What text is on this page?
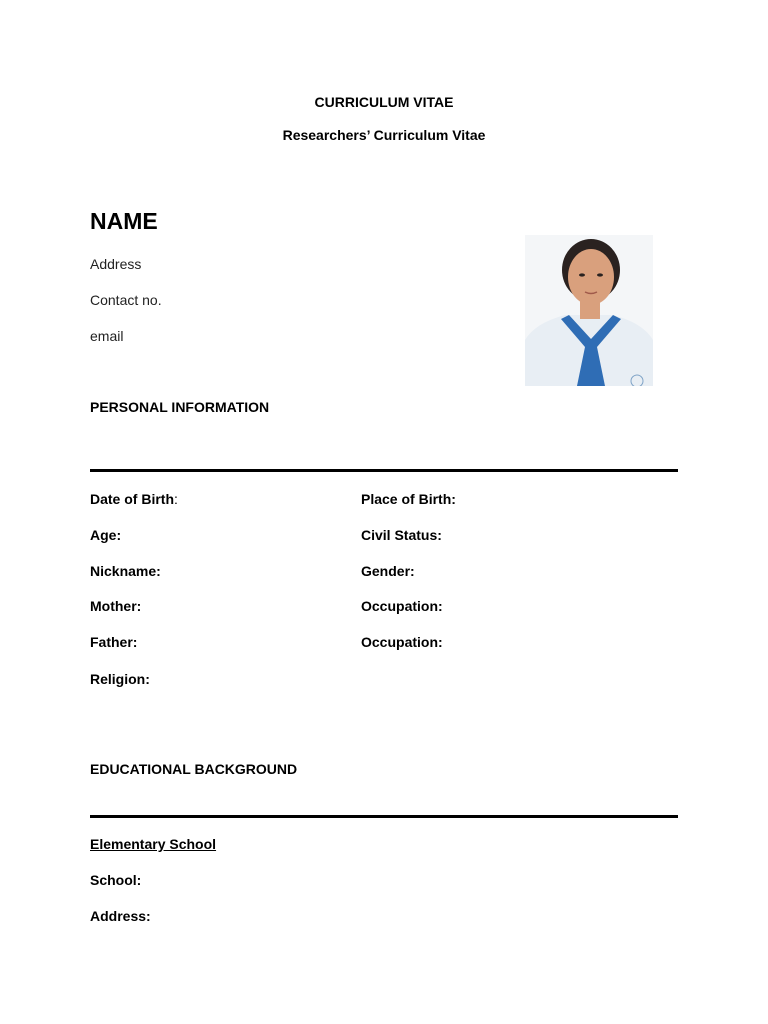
CURRICULUM VITAE
Researchers’ Curriculum Vitae
NAME
Address
Contact no.
email
PERSONAL INFORMATION
Date of Birth:
Age:
Nickname:
Mother:
Father:
Religion:
Place of Birth:
Civil Status:
Gender:
Occupation:
Occupation:
EDUCATIONAL BACKGROUND
Elementary School
School:
Address:
